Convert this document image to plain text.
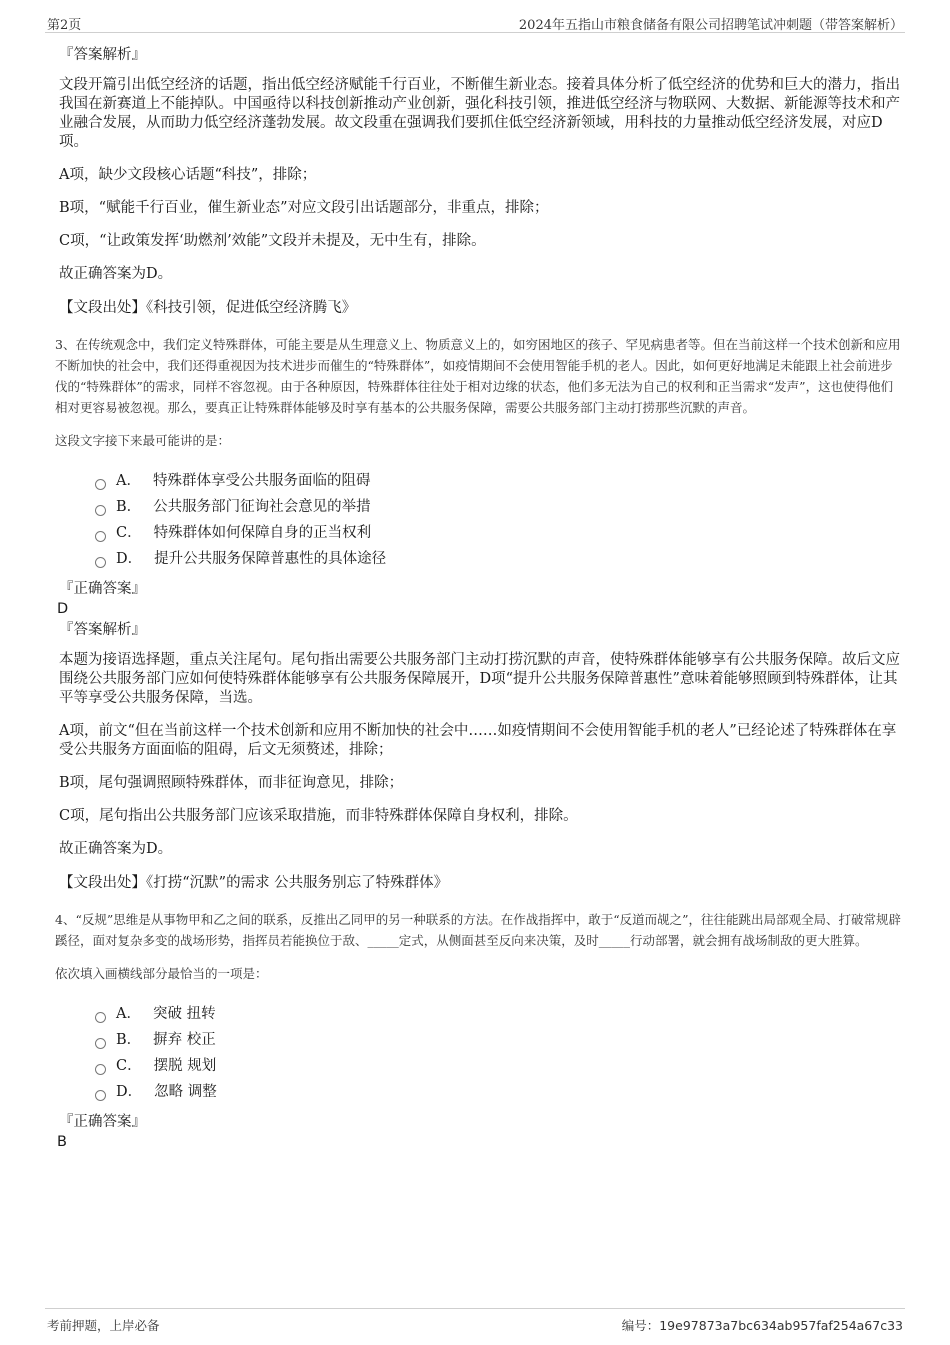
第2页	2024年五指山市粮食储备有限公司招聘笔试冲刺题（带答案解析）
『答案解析』

文段开篇引出低空经济的话题，指出低空经济赋能千行百业，不断催生新业态。接着具体分析了低空经济的优势和巨大的潜力，指出我国在新赛道上不能掉队。中国亟待以科技创新推动产业创新，强化科技引领，推进低空经济与物联网、大数据、新能源等技术和产业融合发展，从而助力低空经济蓬勃发展。故文段重在强调我们要抓住低空经济新领域，用科技的力量推动低空经济发展，对应D项。

A项，缺少文段核心话题“科技”，排除；

B项，“赋能千行百业，催生新业态”对应文段引出话题部分，非重点，排除；

C项，“让政策发挥‘助燃剂’效能”文段并未提及，无中生有，排除。

故正确答案为D。

【文段出处】《科技引领，促进低空经济腾飞》
3、在传统观念中，我们定义特殊群体，可能主要是从生理意义上、物质意义上的，如穷困地区的孩子、罕见病患者等。但在当前这样一个技术创新和应用不断加快的社会中，我们还得重视因为技术进步而催生的“特殊群体”，如疫情期间不会使用智能手机的老人。因此，如何更好地满足未能跟上社会前进步伐的“特殊群体”的需求，同样不容忽视。由于各种原因，特殊群体往往处于相对边缘的状态，他们多无法为自己的权利和正当需求“发声”，这也使得他们相对更容易被忽视。那么，要真正让特殊群体能够及时享有基本的公共服务保障，需要公共服务部门主动打捞那些沉默的声音。
这段文字接下来最可能讲的是：
A． 特殊群体享受公共服务面临的阻碍
B． 公共服务部门征询社会意见的举措
C． 特殊群体如何保障自身的正当权利
D． 提升公共服务保障普惠性的具体途径
『正确答案』
D
『答案解析』

本题为接语选择题，重点关注尾句。尾句指出需要公共服务部门主动打捞沉默的声音，使特殊群体能够享有公共服务保障。故后文应围绕公共服务部门应如何使特殊群体能够享有公共服务保障展开，D项“提升公共服务保障普惠性”意味着能够照顾到特殊群体，让其平等享受公共服务保障，当选。

A项，前文“但在当前这样一个技术创新和应用不断加快的社会中……如疫情期间不会使用智能手机的老人”已经论述了特殊群体在享受公共服务方面面临的阻碍，后文无须赘述，排除；

B项，尾句强调照顾特殊群体，而非征询意见，排除；

C项，尾句指出公共服务部门应该采取措施，而非特殊群体保障自身权利，排除。

故正确答案为D。

【文段出处】《打捞“沉默”的需求 公共服务别忘了特殊群体》
4、“反规”思维是从事物甲和乙之间的联系，反推出乙同甲的另一种联系的方法。在作战指挥中，敢于“反道而觇之”，往往能跳出局部观全局、打破常规辟蹊径，面对复杂多变的战场形势，指挥员若能换位于敌、_____定式，从侧面甚至反向来决策，及时_____行动部署，就会拥有战场制敌的更大胜算。
依次填入画横线部分最恰当的一项是：
A． 突破 扭转
B． 摒弃 校正
C． 摆脱 规划
D． 忽略 调整
『正确答案』
B
考前押题，上岸必备	编号：19e97873a7bc634ab957faf254a67c33
